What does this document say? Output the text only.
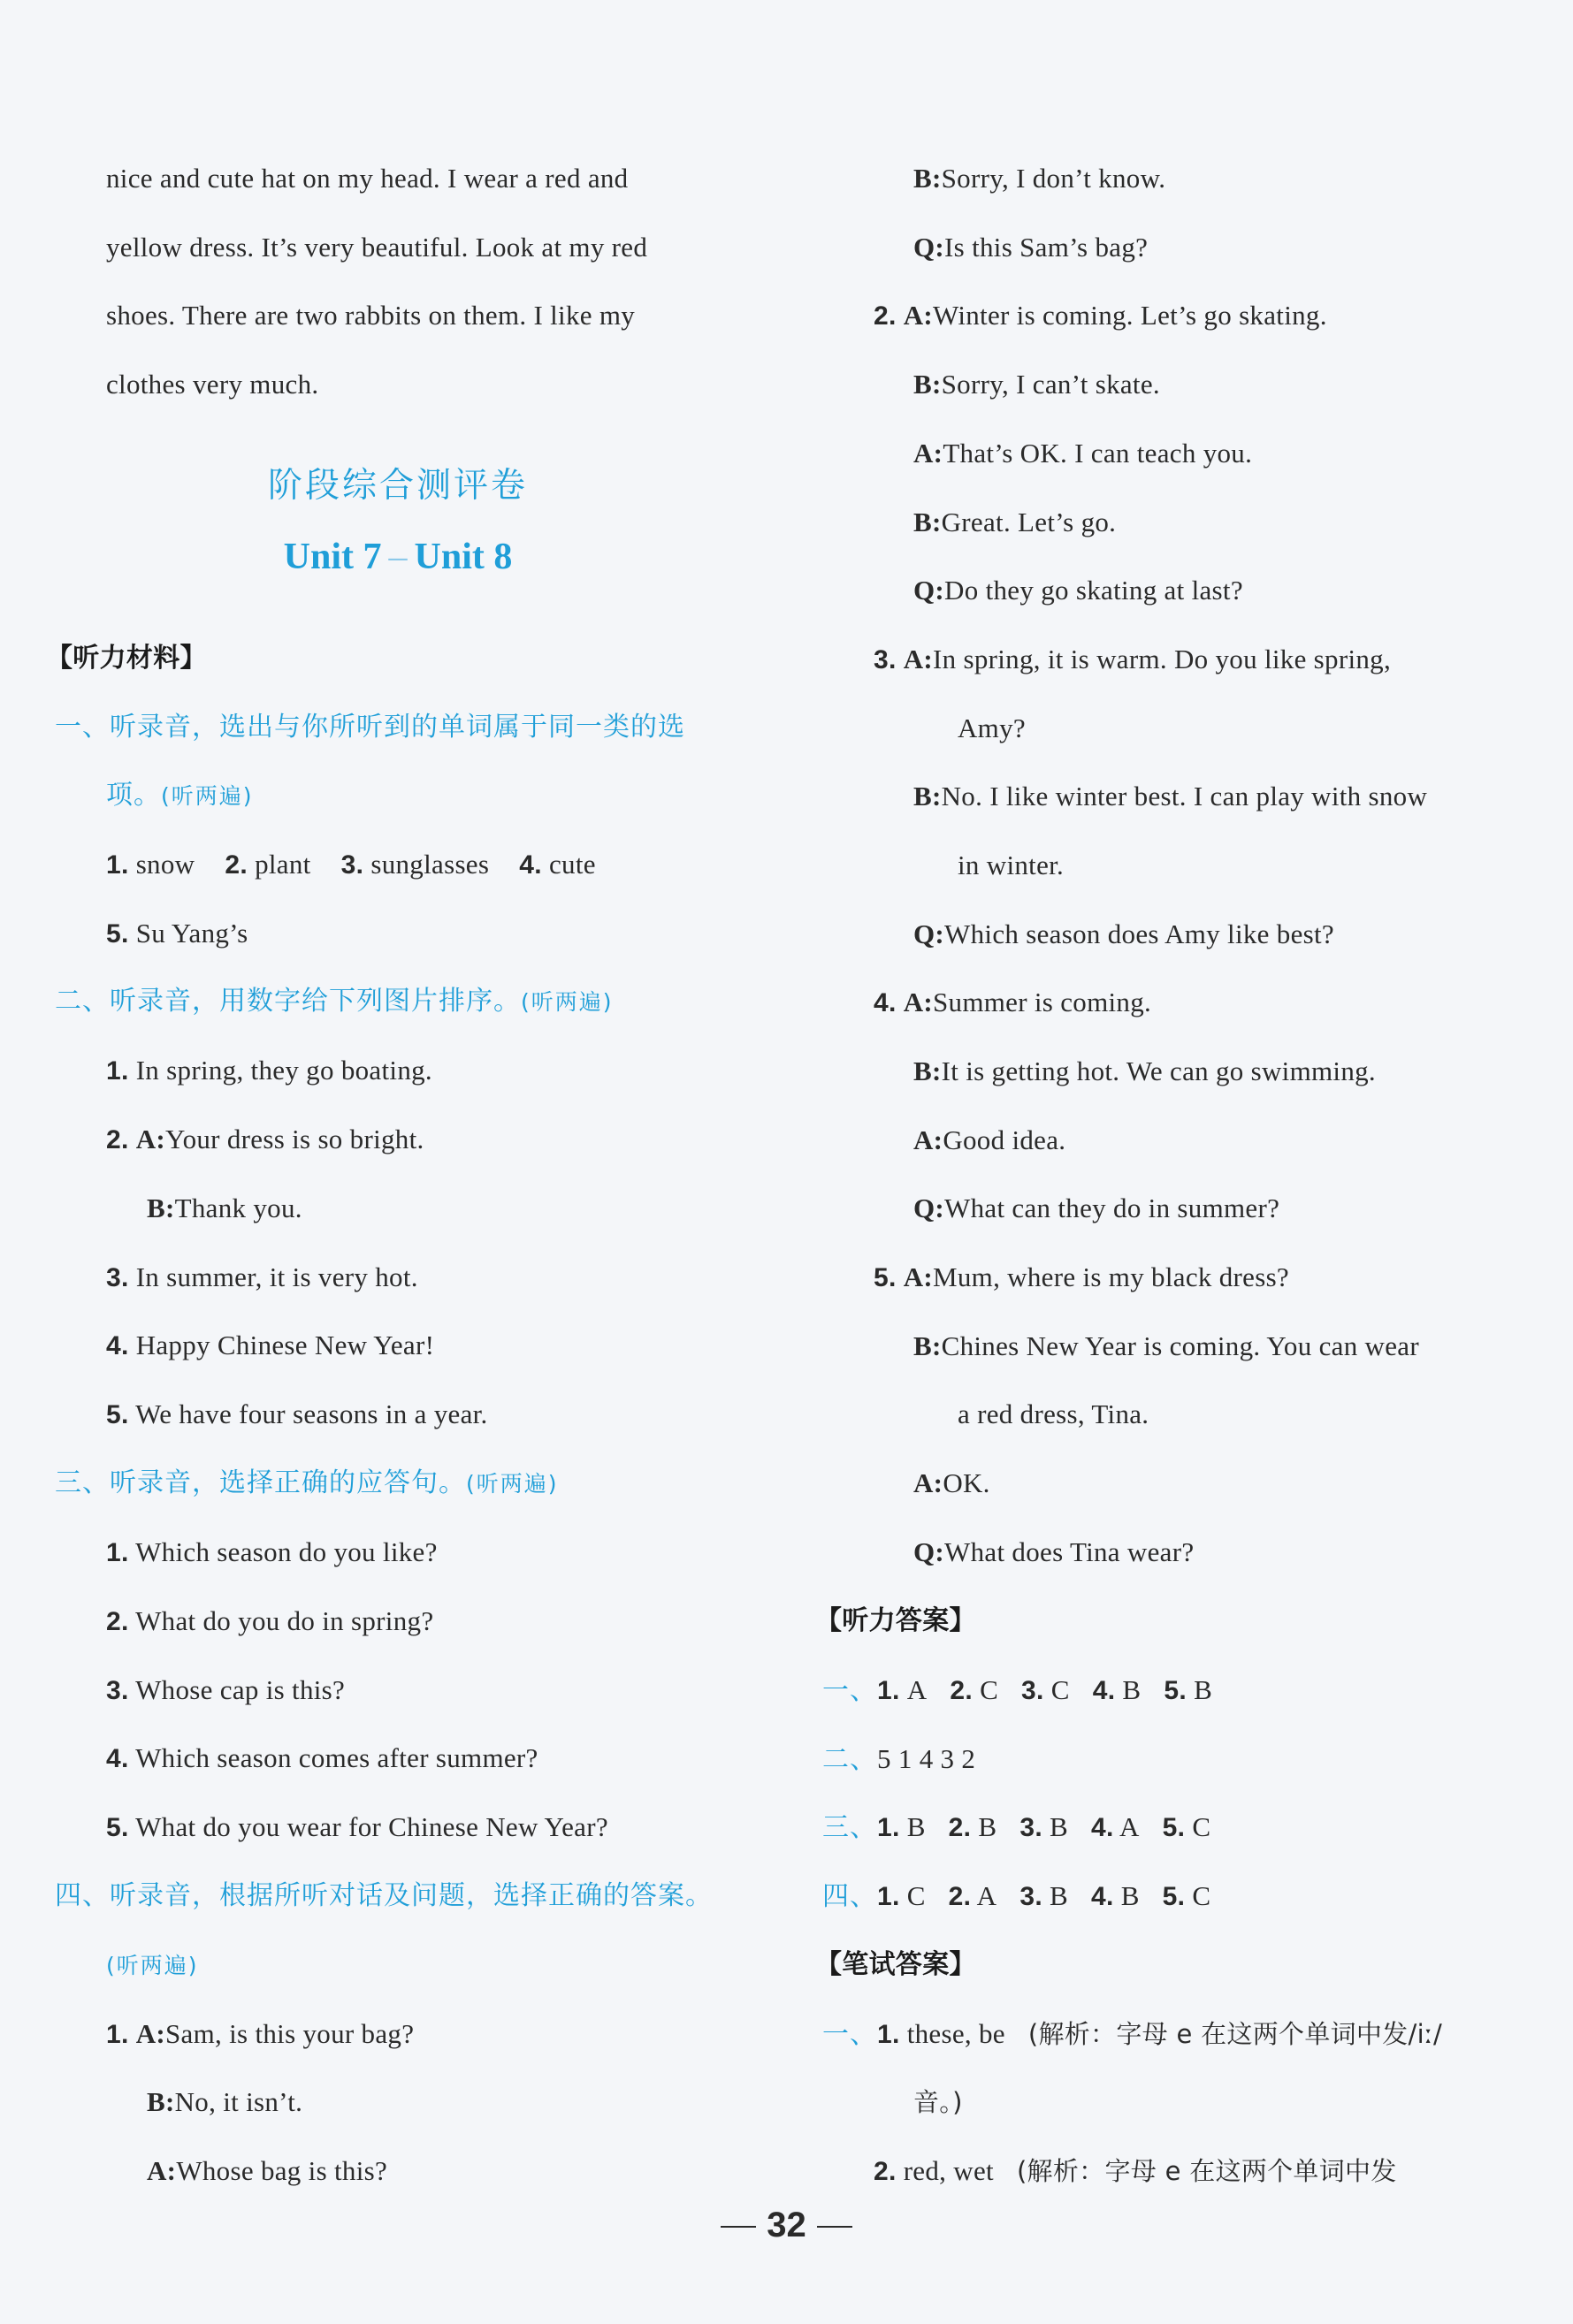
nice and cute hat on my head. I wear a red and
yellow dress. It’s very beautiful. Look at my red
shoes. There are two rabbits on them. I like my
clothes very much.
阶段综合测评卷
Unit 7 – Unit 8
【听力材料】
一、听录音，选出与你所听到的单词属于同一类的选
项。(听两遍)
1. snow 2. plant 3. sunglasses 4. cute
5. Su Yang’s
二、听录音，用数字给下列图片排序。(听两遍)
1. In spring, they go boating.
2. A:Your dress is so bright.
B:Thank you.
3. In summer, it is very hot.
4. Happy Chinese New Year!
5. We have four seasons in a year.
三、听录音，选择正确的应答句。(听两遍)
1. Which season do you like?
2. What do you do in spring?
3. Whose cap is this?
4. Which season comes after summer?
5. What do you wear for Chinese New Year?
四、听录音，根据所听对话及问题，选择正确的答案。
(听两遍)
1. A:Sam, is this your bag?
B:No, it isn’t.
A:Whose bag is this?
B:Sorry, I don’t know.
Q:Is this Sam’s bag?
2. A:Winter is coming. Let’s go skating.
B:Sorry, I can’t skate.
A:That’s OK. I can teach you.
B:Great. Let’s go.
Q:Do they go skating at last?
3. A:In spring, it is warm. Do you like spring,
Amy?
B:No. I like winter best. I can play with snow
in winter.
Q:Which season does Amy like best?
4. A:Summer is coming.
B:It is getting hot. We can go swimming.
A:Good idea.
Q:What can they do in summer?
5. A:Mum, where is my black dress?
B:Chines New Year is coming. You can wear
a red dress, Tina.
A:OK.
Q:What does Tina wear?
【听力答案】
一、1. A 2. C 3. C 4. B 5. B
二、5 1 4 3 2
三、1. B 2. B 3. B 4. A 5. C
四、1. C 2. A 3. B 4. B 5. C
【笔试答案】
一、1. these, be (解析：字母 e 在这两个单词中发/iː/
音。)
2. red, wet (解析：字母 e 在这两个单词中发
32
